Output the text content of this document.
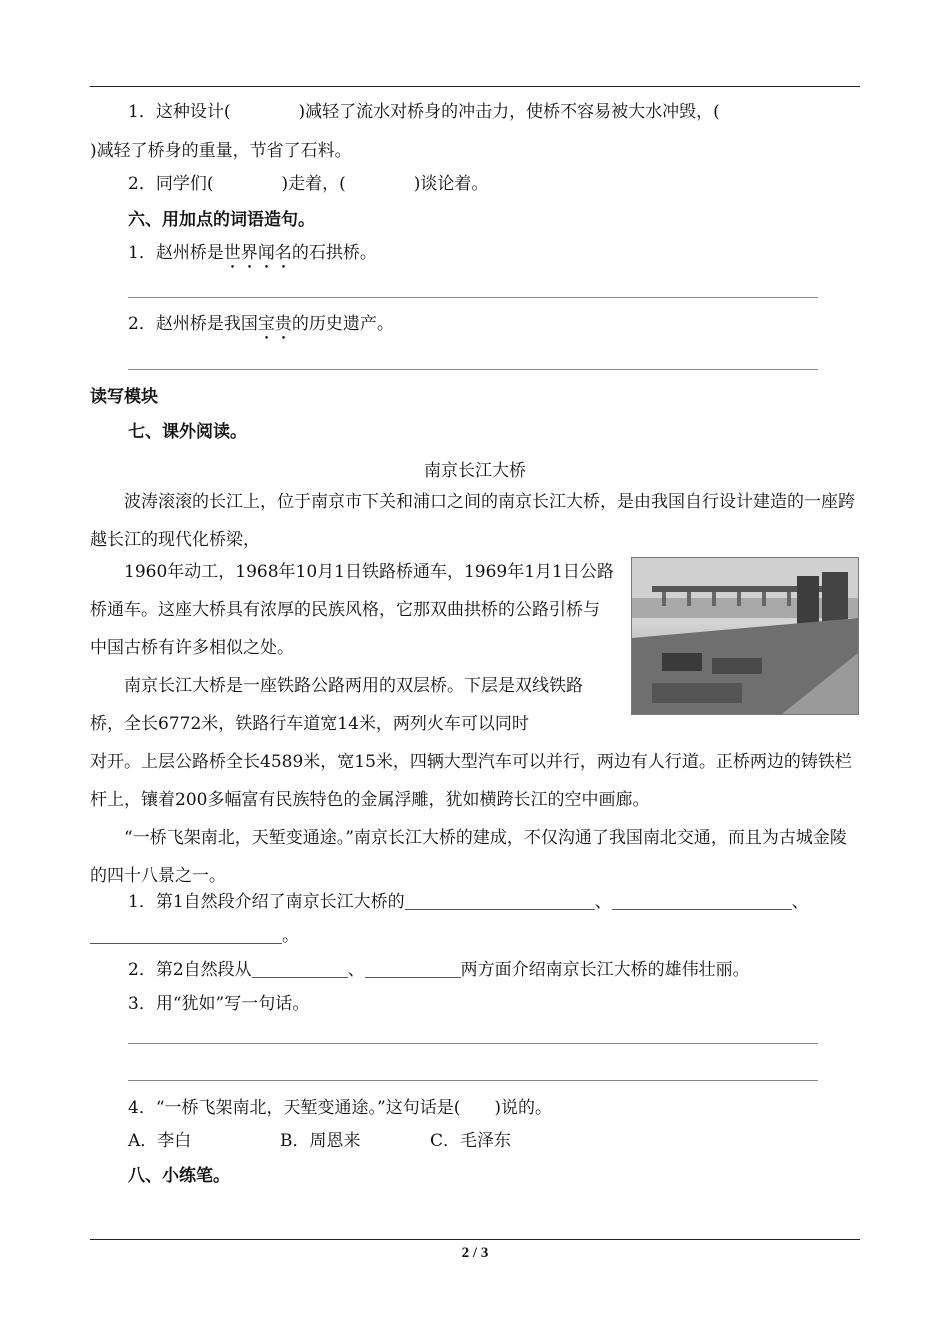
1．这种设计(　　　　)减轻了流水对桥身的冲击力，使桥不容易被大水冲毁，(
)减轻了桥身的重量，节省了石料。
2．同学们(　　　　)走着，(　　　　)谈论着。
六、用加点的词语造句。
1．赵州桥是世界闻名的石拱桥。
2．赵州桥是我国宝贵的历史遗产。
读写模块
七、课外阅读。
南京长江大桥
波涛滚滚的长江上，位于南京市下关和浦口之间的南京长江大桥，是由我国自行设计建造的一座跨越长江的现代化桥梁，
1960年动工，1968年10月1日铁路桥通车，1969年1月1日公路桥通车。这座大桥具有浓厚的民族风格，它那双曲拱桥的公路引桥与中国古桥有许多相似之处。
南京长江大桥是一座铁路公路两用的双层桥。下层是双线铁路桥，全长6772米，铁路行车道宽14米，两列火车可以同时
对开。上层公路桥全长4589米，宽15米，四辆大型汽车可以并行，两边有人行道。正桥两边的铸铁栏杆上，镶着200多幅富有民族特色的金属浮雕，犹如横跨长江的空中画廊。
“一桥飞架南北，天堑变通途。”南京长江大桥的建成，不仅沟通了我国南北交通，而且为古城金陵的四十八景之一。
1．第1自然段介绍了南京长江大桥的	、	、
。
2．第2自然段从	、	两方面介绍南京长江大桥的雄伟壮丽。
3．用“犹如”写一句话。
4．“一桥飞架南北，天堑变通途。”这句话是(　　)说的。
A．李白	B．周恩来	C．毛泽东
八、小练笔。
2 / 3
